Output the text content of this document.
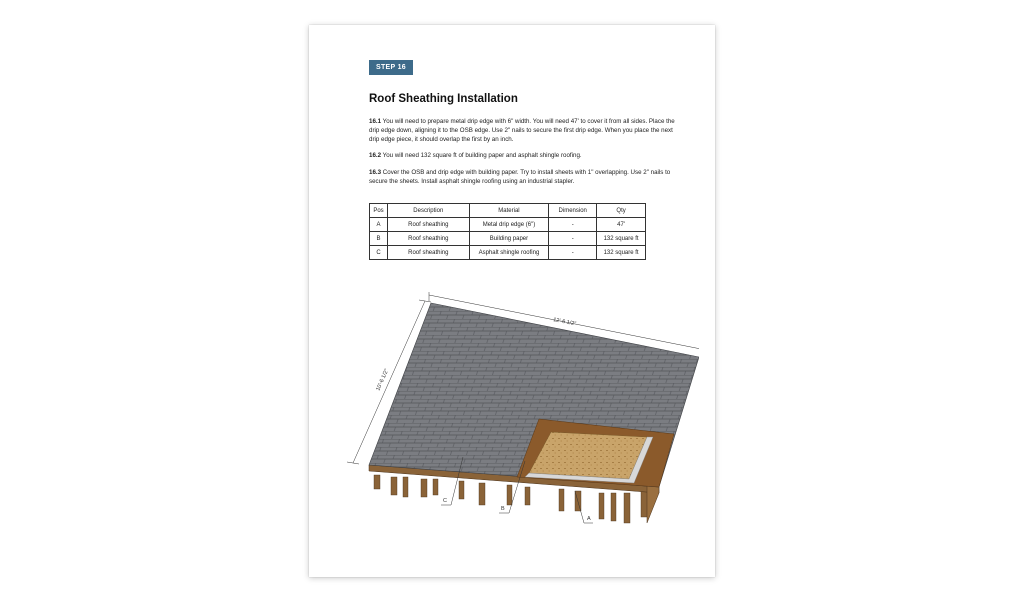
STEP 16
Roof Sheathing Installation

16.1 You will need to prepare metal drip edge with 6" width. You will need 47' to cover it from all sides. Place the drip edge down, aligning it to the OSB edge. Use 2" nails to secure the first drip edge. When you place the next drip edge piece, it should overlap the first by an inch.

16.2 You will need 132 square ft of building paper and asphalt shingle roofing.

16.3 Cover the OSB and drip edge with building paper. Try to install sheets with 1" overlapping. Use 2" nails to secure the sheets. Install asphalt shingle roofing using an industrial stapler.

Pos	Description	Material	Dimension	Qty
A	Roof sheathing	Metal drip edge (6")	-	47'
B	Roof sheathing	Building paper	-	132 square ft
C	Roof sheathing	Asphalt shingle roofing	-	132 square ft
12'-6 1/2"
10'-6 1/2"
A
B
C
